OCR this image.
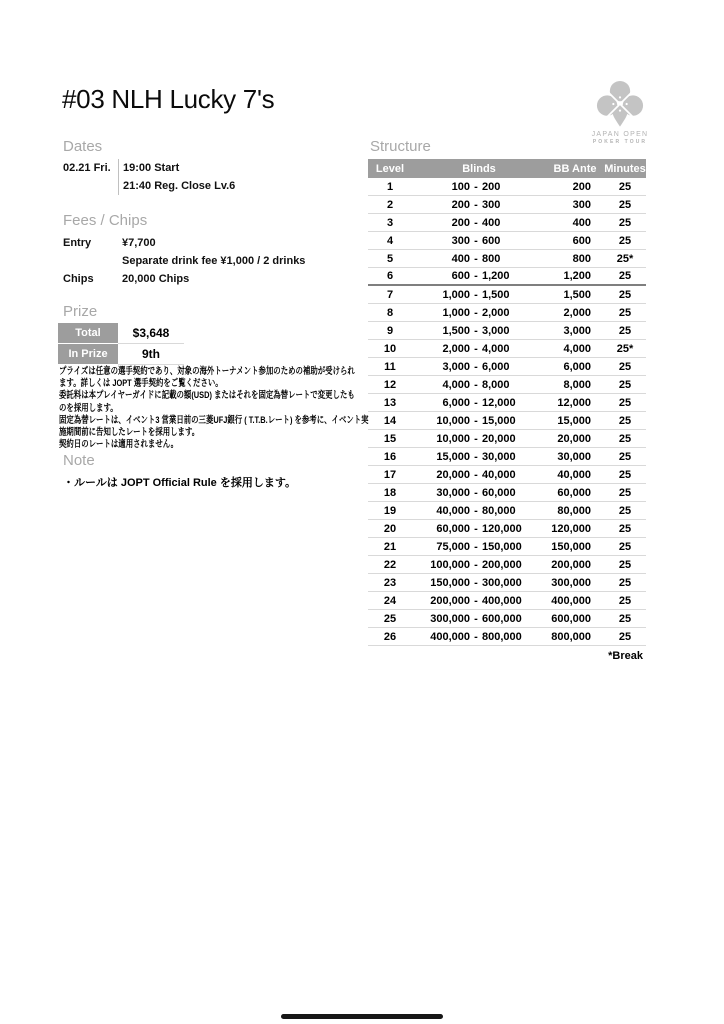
#03 NLH Lucky 7's
JAPAN OPEN
POKER TOUR
Dates
02.21 Fri.	19:00 Start
21:40 Reg. Close Lv.6
Fees / Chips
Entry	¥7,700
Separate drink fee ¥1,000 / 2 drinks
Chips	20,000 Chips
Prize
Total	$3,648
In Prize	9th
プライズは任意の選手契約であり、対象の海外トーナメント参加のための補助が受けられ
ます。詳しくは JOPT 選手契約をご覧ください。
委託料は本プレイヤーガイドに記載の額(USD) またはそれを固定為替レートで変更したも
のを採用します。
固定為替レートは、イベント3 営業日前の三菱UFJ銀行 ( T.T.B.レート) を参考に、イベント実
施期間前に告知したレートを採用します。
契約日のレートは適用されません。
Note
・ルールは JOPT Official Rule を採用します。
Structure
Level	Blinds	BB Ante Minutes
1	100 - 200	200	25
2	200 - 300	300	25
3	200 - 400	400	25
4	300 - 600	600	25
5	400 - 800	800	25*
6	600 - 1,200	1,200	25
7	1,000 - 1,500	1,500	25
8	1,000 - 2,000	2,000	25
9	1,500 - 3,000	3,000	25
10	2,000 - 4,000	4,000	25*
11	3,000 - 6,000	6,000	25
12	4,000 - 8,000	8,000	25
13	6,000 - 12,000	12,000	25
14	10,000 - 15,000	15,000	25
15	10,000 - 20,000	20,000	25
16	15,000 - 30,000	30,000	25
17	20,000 - 40,000	40,000	25
18	30,000 - 60,000	60,000	25
19	40,000 - 80,000	80,000	25
20	60,000 - 120,000	120,000	25
21	75,000 - 150,000	150,000	25
22	100,000 - 200,000	200,000	25
23	150,000 - 300,000	300,000	25
24	200,000 - 400,000	400,000	25
25	300,000 - 600,000	600,000	25
26	400,000 - 800,000	800,000	25
*Break
